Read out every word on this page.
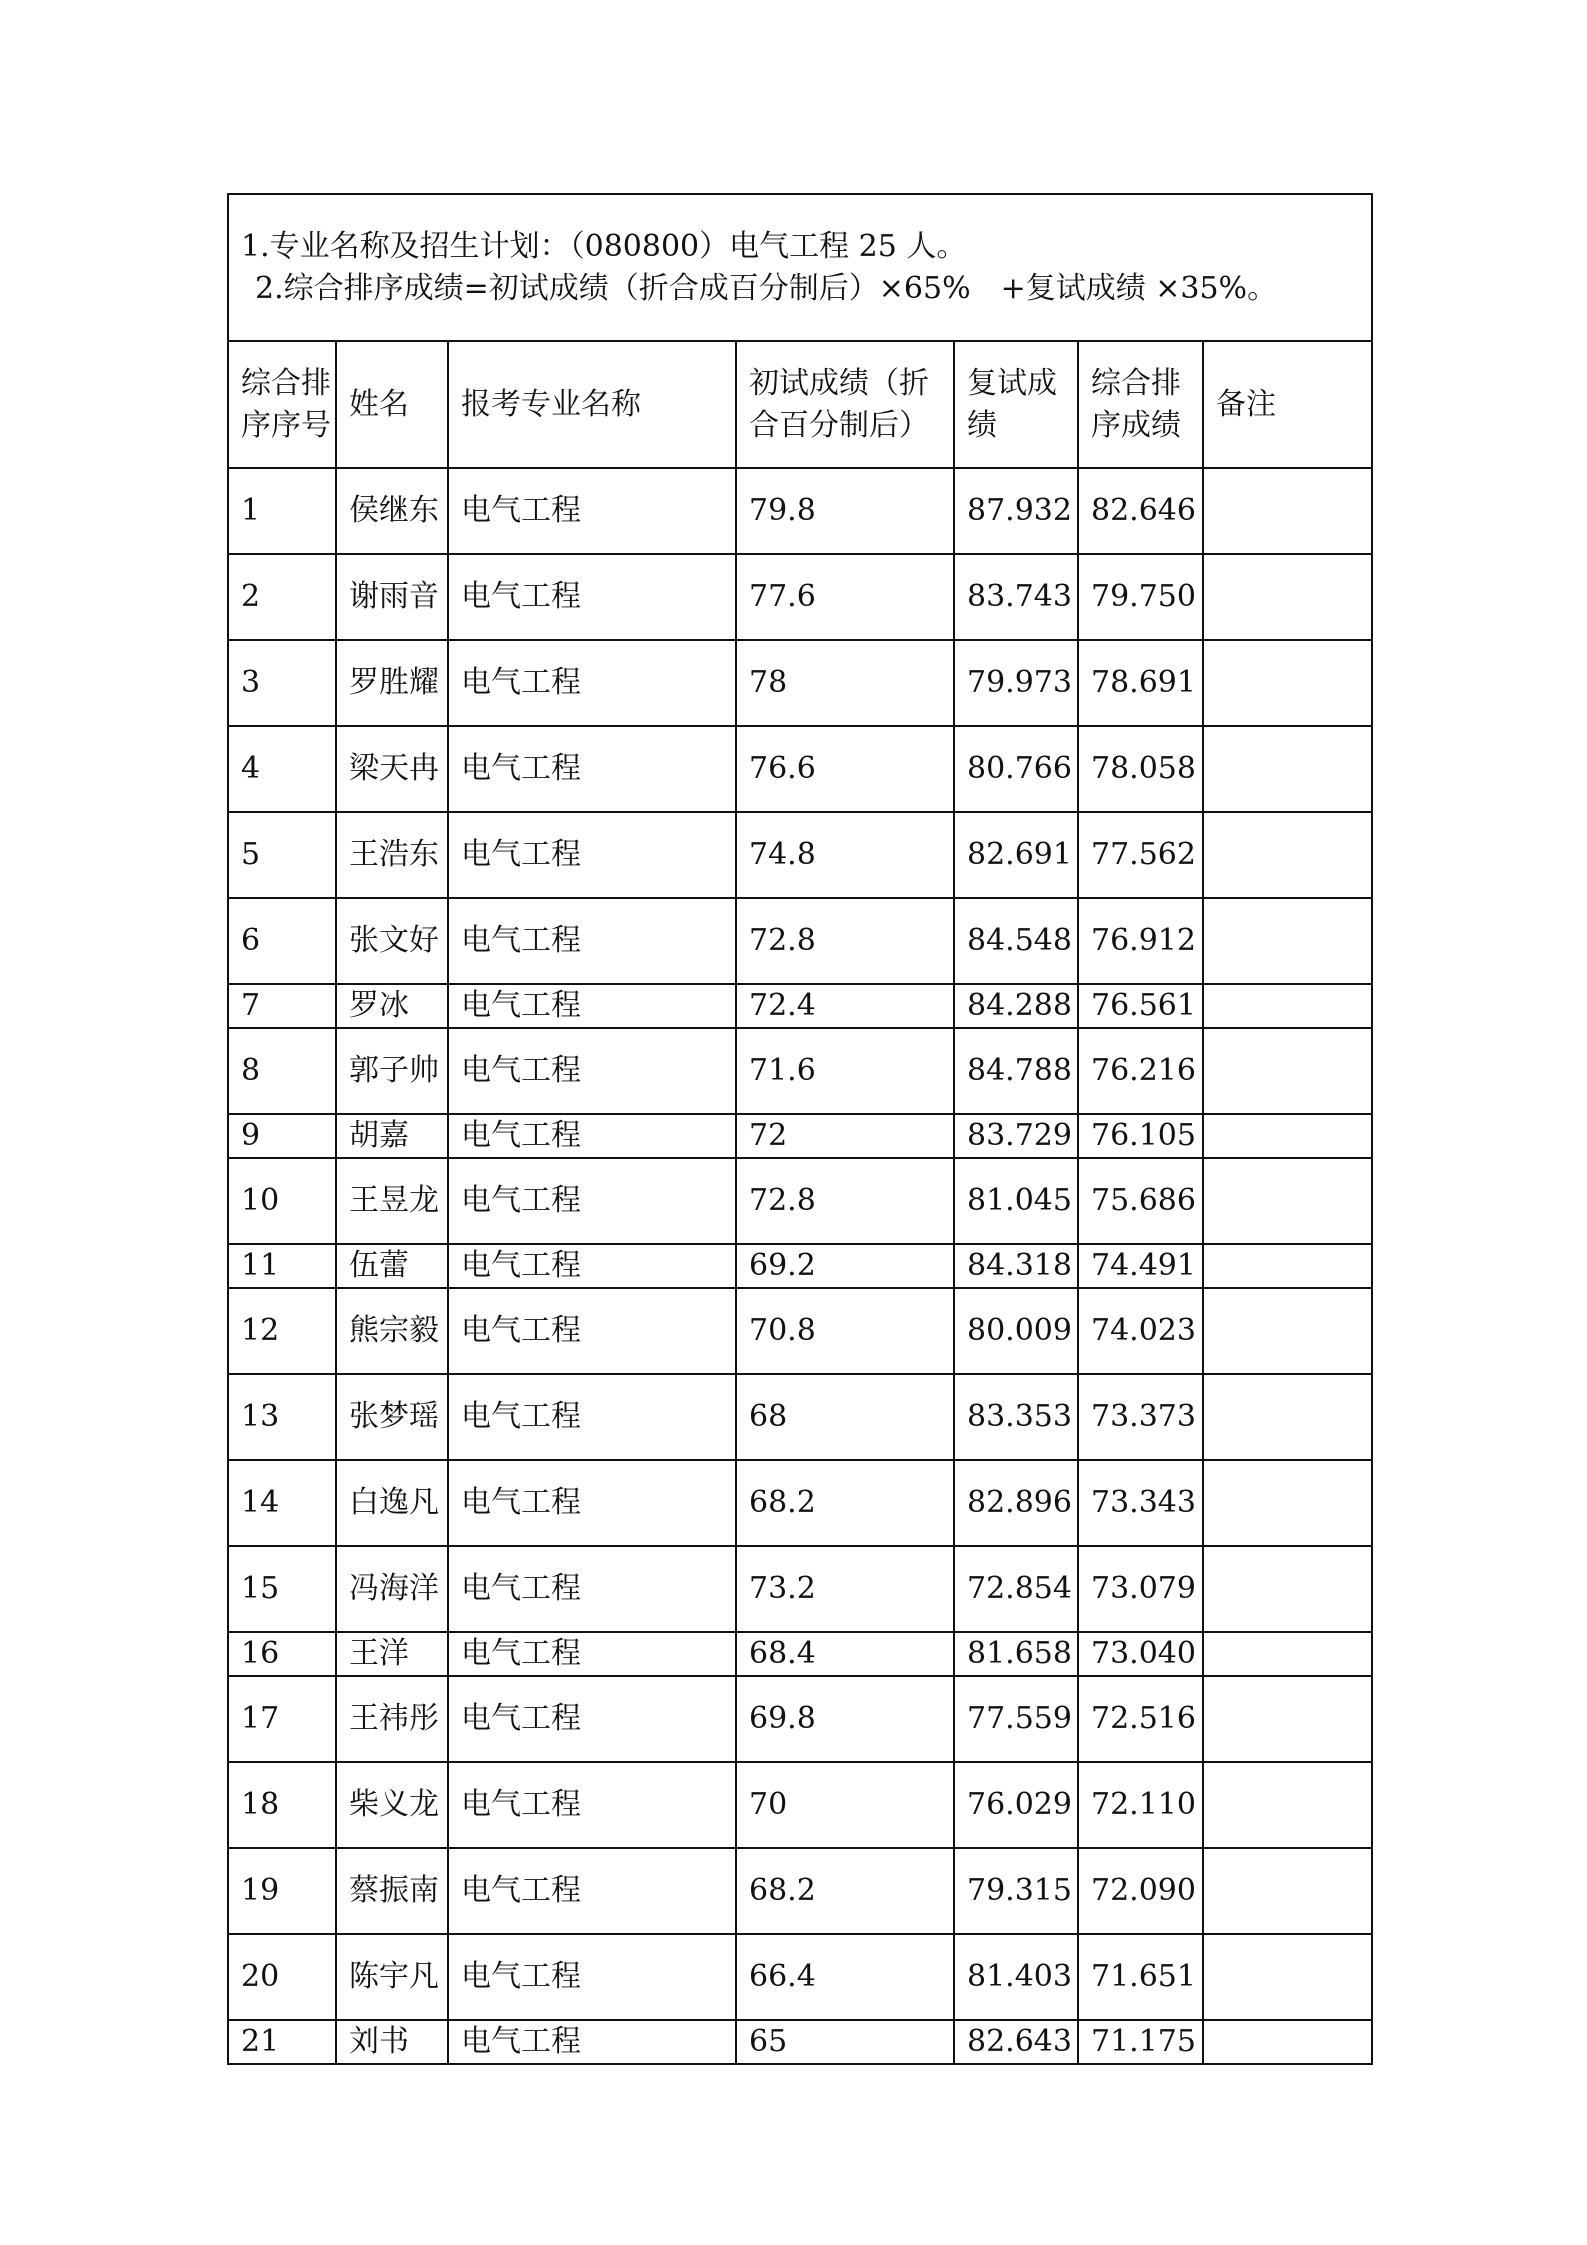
1.专业名称及招生计划：（080800）电气工程 25 人。
2.综合排序成绩=初试成绩（折合成百分制后）×65%　+复试成绩 ×35%。						

综合排序序号	姓名	报考专业名称	初试成绩（折合百分制后）	复试成绩	综合排序成绩	备注
1	侯继东	电气工程	79.8	87.932	82.646	
2	谢雨音	电气工程	77.6	83.743	79.750	
3	罗胜耀	电气工程	78	79.973	78.691	
4	梁天冉	电气工程	76.6	80.766	78.058	
5	王浩东	电气工程	74.8	82.691	77.562	
6	张文好	电气工程	72.8	84.548	76.912	
7	罗冰	电气工程	72.4	84.288	76.561	
8	郭子帅	电气工程	71.6	84.788	76.216	
9	胡嘉	电气工程	72	83.729	76.105	
10	王昱龙	电气工程	72.8	81.045	75.686	
11	伍蕾	电气工程	69.2	84.318	74.491	
12	熊宗毅	电气工程	70.8	80.009	74.023	
13	张梦瑶	电气工程	68	83.353	73.373	
14	白逸凡	电气工程	68.2	82.896	73.343	
15	冯海洋	电气工程	73.2	72.854	73.079	
16	王洋	电气工程	68.4	81.658	73.040	
17	王祎彤	电气工程	69.8	77.559	72.516	
18	柴义龙	电气工程	70	76.029	72.110	
19	蔡振南	电气工程	68.2	79.315	72.090	
20	陈宇凡	电气工程	66.4	81.403	71.651	
21	刘书	电气工程	65	82.643	71.175	
